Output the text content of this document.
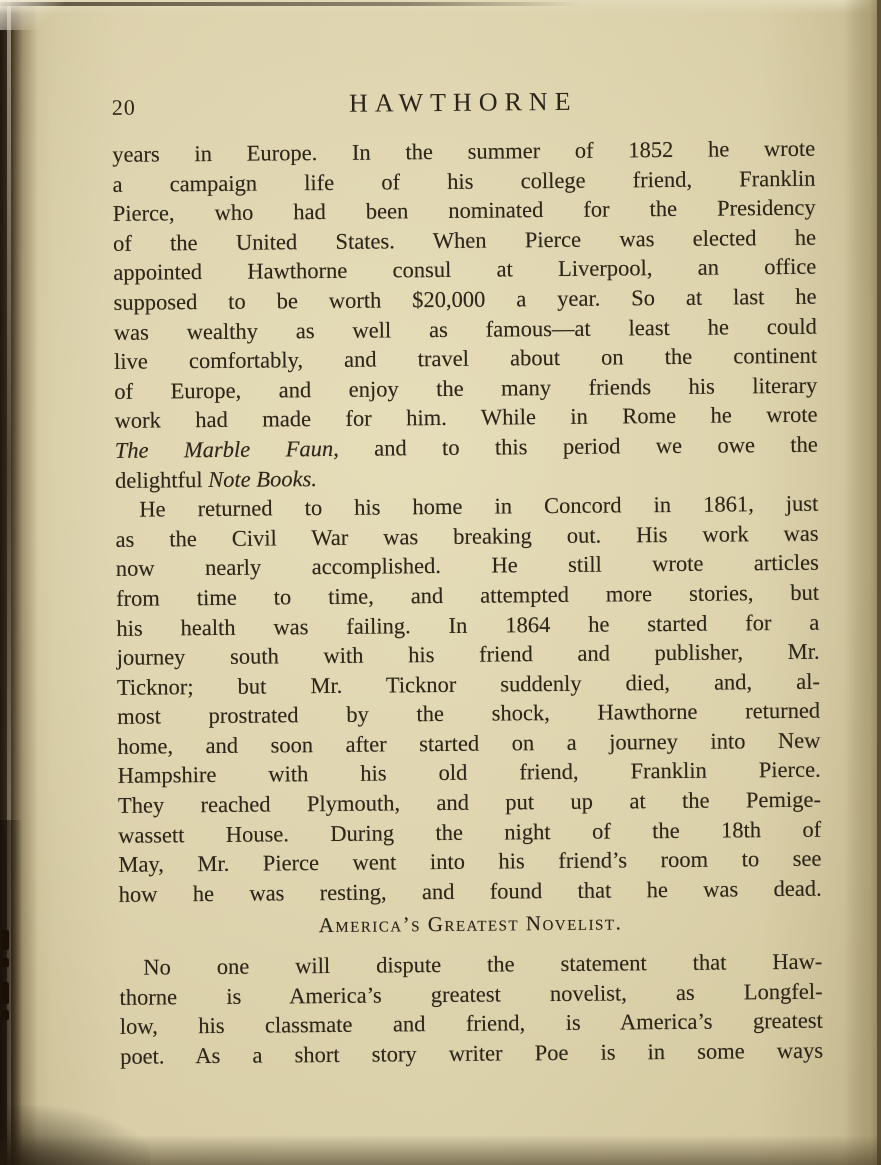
20	HAWTHORNE
years in Europe. In the summer of 1852 he wrote
a campaign life of his college friend, Franklin
Pierce, who had been nominated for the Presidency
of the United States. When Pierce was elected he
appointed Hawthorne consul at Liverpool, an office
supposed to be worth $20,000 a year. So at last he
was wealthy as well as famous—at least he could
live comfortably, and travel about on the continent
of Europe, and enjoy the many friends his literary
work had made for him. While in Rome he wrote
The Marble Faun, and to this period we owe the
delightful Note Books.
He returned to his home in Concord in 1861, just
as the Civil War was breaking out. His work was
now nearly accomplished. He still wrote articles
from time to time, and attempted more stories, but
his health was failing. In 1864 he started for a
journey south with his friend and publisher, Mr.
Ticknor; but Mr. Ticknor suddenly died, and, al-
most prostrated by the shock, Hawthorne returned
home, and soon after started on a journey into New
Hampshire with his old friend, Franklin Pierce.
They reached Plymouth, and put up at the Pemige-
wassett House. During the night of the 18th of
May, Mr. Pierce went into his friend’s room to see
how he was resting, and found that he was dead.
America’s Greatest Novelist.
No one will dispute the statement that Haw-
thorne is America’s greatest novelist, as Longfel-
low, his classmate and friend, is America’s greatest
poet. As a short story writer Poe is in some ways
